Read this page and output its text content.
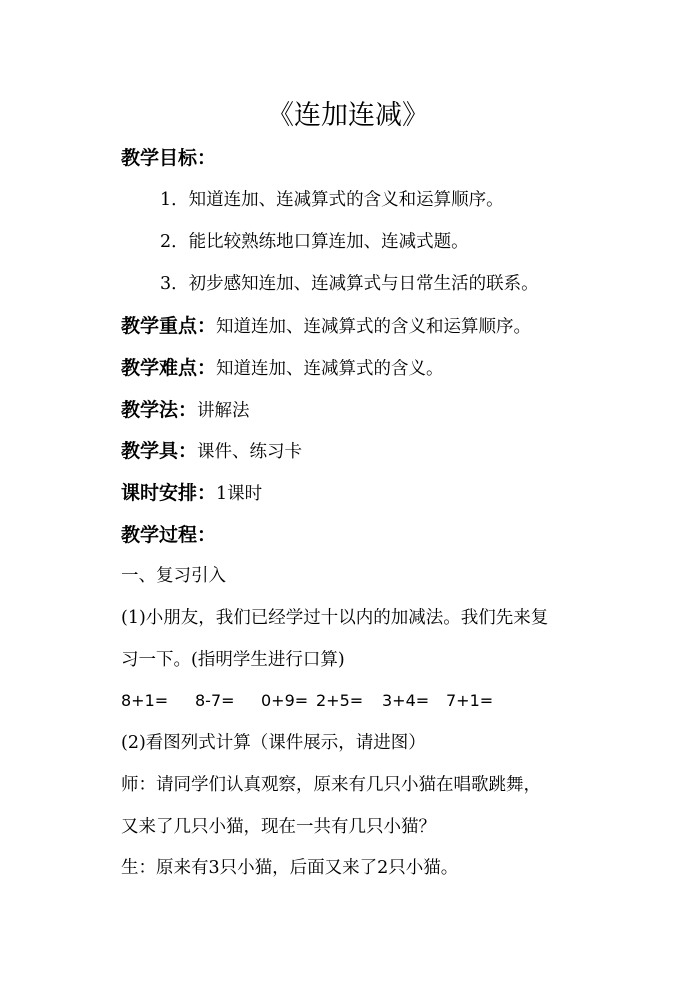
《连加连减》
教学目标：
1．知道连加、连减算式的含义和运算顺序。
2．能比较熟练地口算连加、连减式题。
3．初步感知连加、连减算式与日常生活的联系。
教学重点：知道连加、连减算式的含义和运算顺序。
教学难点：知道连加、连减算式的含义。
教学法：讲解法
教学具：课件、练习卡
课时安排：1课时
教学过程：
一、复习引入
(1)小朋友，我们已经学过十以内的加减法。我们先来复
习一下。(指明学生进行口算)
8+1= 8-7= 0+9= 2+5= 3+4= 7+1=
(2)看图列式计算（课件展示，请进图）
师：请同学们认真观察，原来有几只小猫在唱歌跳舞，
又来了几只小猫，现在一共有几只小猫？
生：原来有3只小猫，后面又来了2只小猫。
